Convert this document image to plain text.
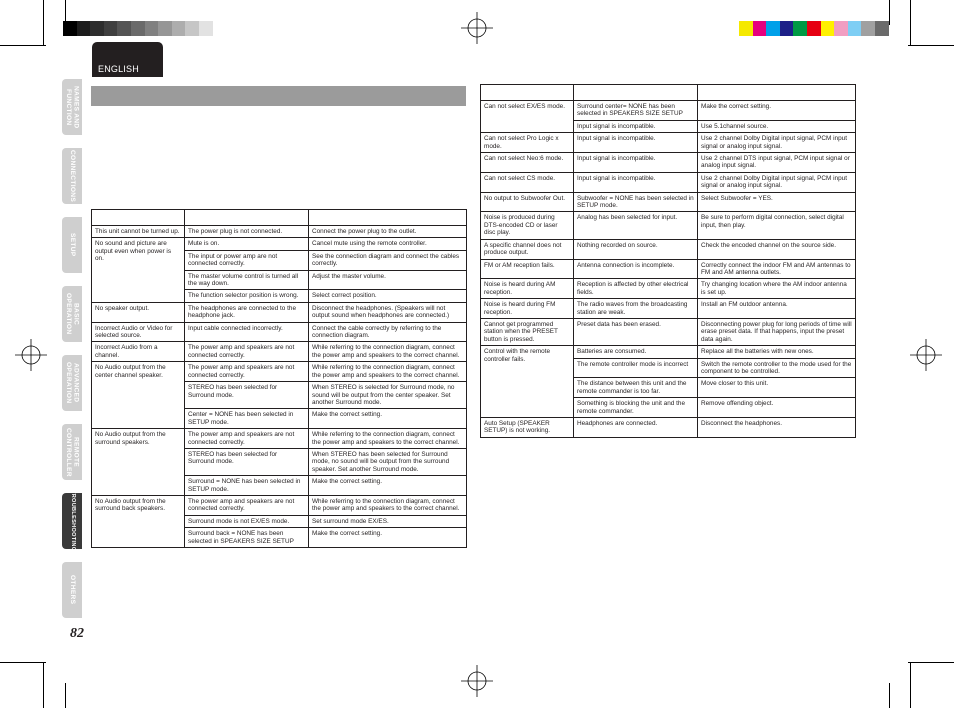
ENGLISH
NAMES AND
FUNCTION
CONNECTIONS
SETUP
BASIC
OPERATION
ADVANCED
OPERATION
REMOTE
CONTROLLER
TROUBLESHOOTING
OTHERS
82

This unit cannot be turned up.	The power plug is not connected.	Connect the power plug to the outlet.
No sound and picture are output even when power is on.	Mute is on.	Cancel mute using the remote controller.
	The input or power amp are not connected correctly.	See the connection diagram and connect the cables correctly.
	The master volume control is turned all the way down.	Adjust the master volume.
	The function selector position is wrong.	Select correct position.
No speaker output.	The headphones are connected to the headphone jack.	Disconnect the headphones. (Speakers will not output sound when headphones are connected.)
Incorrect Audio or Video for selected source.	Input cable connected incorrectly.	Connect the cable correctly by referring to the connection diagram.
Incorrect Audio from a channel.	The power amp and speakers are not connected correctly.	While referring to the connection diagram, connect the power amp and speakers to the correct channel.
No Audio output from the center channel speaker.	The power amp and speakers are not connected correctly.	While referring to the connection diagram, connect the power amp and speakers to the correct channel.
	STEREO has been selected for Surround mode.	When STEREO is selected for Surround mode, no sound will be output from the center speaker. Set another Surround mode.
	Center = NONE has been selected in SETUP mode.	Make the correct setting.
No Audio output from the surround speakers.	The power amp and speakers are not connected correctly.	While referring to the connection diagram, connect the power amp and speakers to the correct channel.
	STEREO has been selected for Surround mode.	When STEREO has been selected for Surround mode, no sound will be output from the surround speaker. Set another Surround mode.
	Surround = NONE has been selected in SETUP mode.	Make the correct setting.
No Audio output from the surround back speakers.	The power amp and speakers are not connected correctly.	While referring to the connection diagram, connect the power amp and speakers to the correct channel.
	Surround mode is not EX/ES mode.	Set surround mode EX/ES.
	Surround back = NONE has been selected in SPEAKERS SIZE SETUP	Make the correct setting.

Can not select EX/ES mode.	Surround center= NONE has been selected in SPEAKERS SIZE SETUP	Make the correct setting.
	Input signal is incompatible.	Use 5.1channel source.
Can not select Pro Logic x mode.	Input signal is incompatible.	Use 2 channel Dolby Digital input signal, PCM input signal or analog input signal.
Can not select Neo:6 mode.	Input signal is incompatible.	Use 2 channel DTS input signal, PCM input signal or analog input signal.
Can not select CS mode.	Input signal is incompatible.	Use 2 channel Dolby Digital input signal, PCM input signal or analog input signal.
No output to Subwoofer Out.	Subwoofer = NONE has been selected in SETUP mode.	Select Subwoofer = YES.
Noise is produced during DTS-encoded CD or laser disc play.	Analog has been selected for input.	Be sure to perform digital connection, select digital input, then play.
A specific channel does not produce output.	Nothing recorded on source.	Check the encoded channel on the source side.
FM or AM reception fails.	Antenna connection is incomplete.	Correctly connect the indoor FM and AM antennas to FM and AM antenna outlets.
Noise is heard during AM reception.	Reception is affected by other electrical fields.	Try changing location where the AM indoor antenna is set up.
Noise is heard during FM reception.	The radio waves from the broadcasting station are weak.	Install an FM outdoor antenna.
Cannot get programmed station when the PRESET button is pressed.	Preset data has been erased.	Disconnecting power plug for long periods of time will erase preset data. If that happens, input the preset data again.
Control with the remote controller fails.	Batteries are consumed.	Replace all the batteries with new ones.
	The remote controller mode is incorrect	Switch the remote controller to the mode used for the component to be controlled.
	The distance between this unit and the remote commander is too far.	Move closer to this unit.
	Something is blocking the unit and the remote commander.	Remove offending object.
Auto Setup (SPEAKER SETUP) is not working.	Headphones are connected.	Disconnect the headphones.
